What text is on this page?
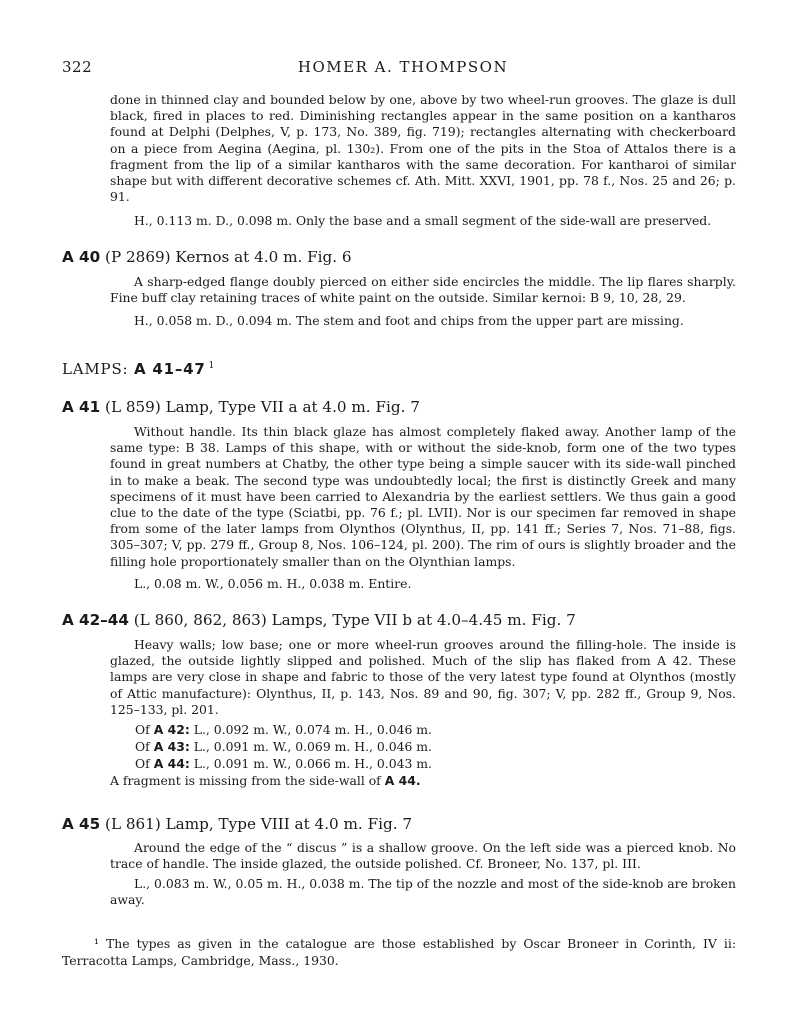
322	HOMER A. THOMPSON

done in thinned clay and bounded below by one, above by two wheel-run grooves. The glaze is dull black, fired in places to red. Diminishing rectangles appear in the same position on a kantharos found at Delphi (Delphes, V, p. 173, No. 389, fig. 719); rectangles alternating with checkerboard on a piece from Aegina (Aegina, pl. 130₂). From one of the pits in the Stoa of Attalos there is a fragment from the lip of a similar kantharos with the same decoration. For kantharoi of similar shape but with different decorative schemes cf. Ath. Mitt. XXVI, 1901, pp. 78 f., Nos. 25 and 26; p. 91.

H., 0.113 m. D., 0.098 m. Only the base and a small segment of the side-wall are preserved.

A 40 (P 2869) Kernos at 4.0 m. Fig. 6

A sharp-edged flange doubly pierced on either side encircles the middle. The lip flares sharply. Fine buff clay retaining traces of white paint on the outside. Similar kernoi: B 9, 10, 28, 29.

H., 0.058 m. D., 0.094 m. The stem and foot and chips from the upper part are missing.

LAMPS: A 41–47 $^1$
A 41 (L 859) Lamp, Type VII a at 4.0 m. Fig. 7

Without handle. Its thin black glaze has almost completely flaked away. Another lamp of the same type: B 38. Lamps of this shape, with or without the side-knob, form one of the two types found in great numbers at Chatby, the other type being a simple saucer with its side-wall pinched in to make a beak. The second type was undoubtedly local; the first is distinctly Greek and many specimens of it must have been carried to Alexandria by the earliest settlers. We thus gain a good clue to the date of the type (Sciatbi, pp. 76 f.; pl. LVII). Nor is our specimen far removed in shape from some of the later lamps from Olynthos (Olynthus, II, pp. 141 ff.; Series 7, Nos. 71–88, figs. 305–307; V, pp. 279 ff., Group 8, Nos. 106–124, pl. 200). The rim of ours is slightly broader and the filling hole proportionately smaller than on the Olynthian lamps.

L., 0.08 m. W., 0.056 m. H., 0.038 m. Entire.

A 42–44 (L 860, 862, 863) Lamps, Type VII b at 4.0–4.45 m. Fig. 7

Heavy walls; low base; one or more wheel-run grooves around the filling-hole. The inside is glazed, the outside lightly slipped and polished. Much of the slip has flaked from A 42. These lamps are very close in shape and fabric to those of the very latest type found at Olynthos (mostly of Attic manufacture): Olynthus, II, p. 143, Nos. 89 and 90, fig. 307; V, pp. 282 ff., Group 9, Nos. 125–133, pl. 201.

Of A 42: L., 0.092 m. W., 0.074 m. H., 0.046 m.
Of A 43: L., 0.091 m. W., 0.069 m. H., 0.046 m.
Of A 44: L., 0.091 m. W., 0.066 m. H., 0.043 m.
A fragment is missing from the side-wall of A 44.
A 45 (L 861) Lamp, Type VIII at 4.0 m. Fig. 7

Around the edge of the “ discus ” is a shallow groove. On the left side was a pierced knob. No trace of handle. The inside glazed, the outside polished. Cf. Broneer, No. 137, pl. III.

L., 0.083 m. W., 0.05 m. H., 0.038 m. The tip of the nozzle and most of the side-knob are broken away.

¹ The types as given in the catalogue are those established by Oscar Broneer in Corinth, IV ii: Terracotta Lamps, Cambridge, Mass., 1930.
